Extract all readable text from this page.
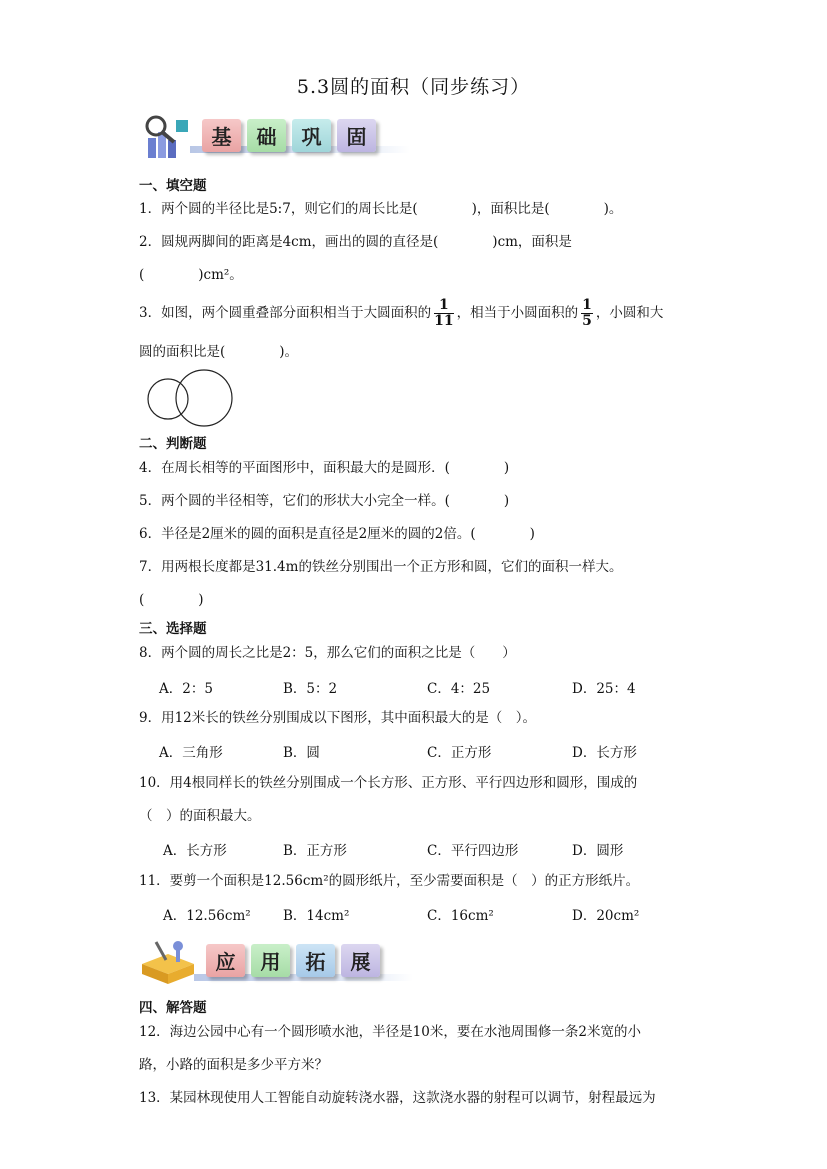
5.3圆的面积（同步练习）
基	础	巩	固
一、填空题
1．两个圆的半径比是5:7，则它们的周长比是(　　　　)，面积比是(　　　　)。
2．圆规两脚间的距离是4cm，画出的圆的直径是(　　　　)cm，面积是
(　　　　)cm²。
3．如图，两个圆重叠部分面积相当于大圆面积的 $\frac{1}{11}$ ，相当于小圆面积的 $\frac{1}{5}$ ，小圆和大
圆的面积比是(　　　　)。
二、判断题
4．在周长相等的平面图形中，面积最大的是圆形．(　　　　)
5．两个圆的半径相等，它们的形状大小完全一样。(　　　　)
6．半径是2厘米的圆的面积是直径是2厘米的圆的2倍。(　　　　)
7．用两根长度都是31.4m的铁丝分别围出一个正方形和圆，它们的面积一样大。
(　　　　)
三、选择题
8．两个圆的周长之比是2：5，那么它们的面积之比是（　　）
A．2：5	B．5：2	C．4：25	D．25：4
9．用12米长的铁丝分别围成以下图形，其中面积最大的是（　）。
A．三角形	B．圆	C．正方形	D．长方形
10．用4根同样长的铁丝分别围成一个长方形、正方形、平行四边形和圆形，围成的
（　）的面积最大。
A．长方形	B．正方形	C．平行四边形	D．圆形
11．要剪一个面积是12.56cm²的圆形纸片，至少需要面积是（　）的正方形纸片。
A．12.56cm² B．14cm²	C．16cm²	D．20cm²
应	用	拓	展
四、解答题
12．海边公园中心有一个圆形喷水池，半径是10米，要在水池周围修一条2米宽的小
路，小路的面积是多少平方米？
13．某园林现使用人工智能自动旋转浇水器，这款浇水器的射程可以调节，射程最远为
